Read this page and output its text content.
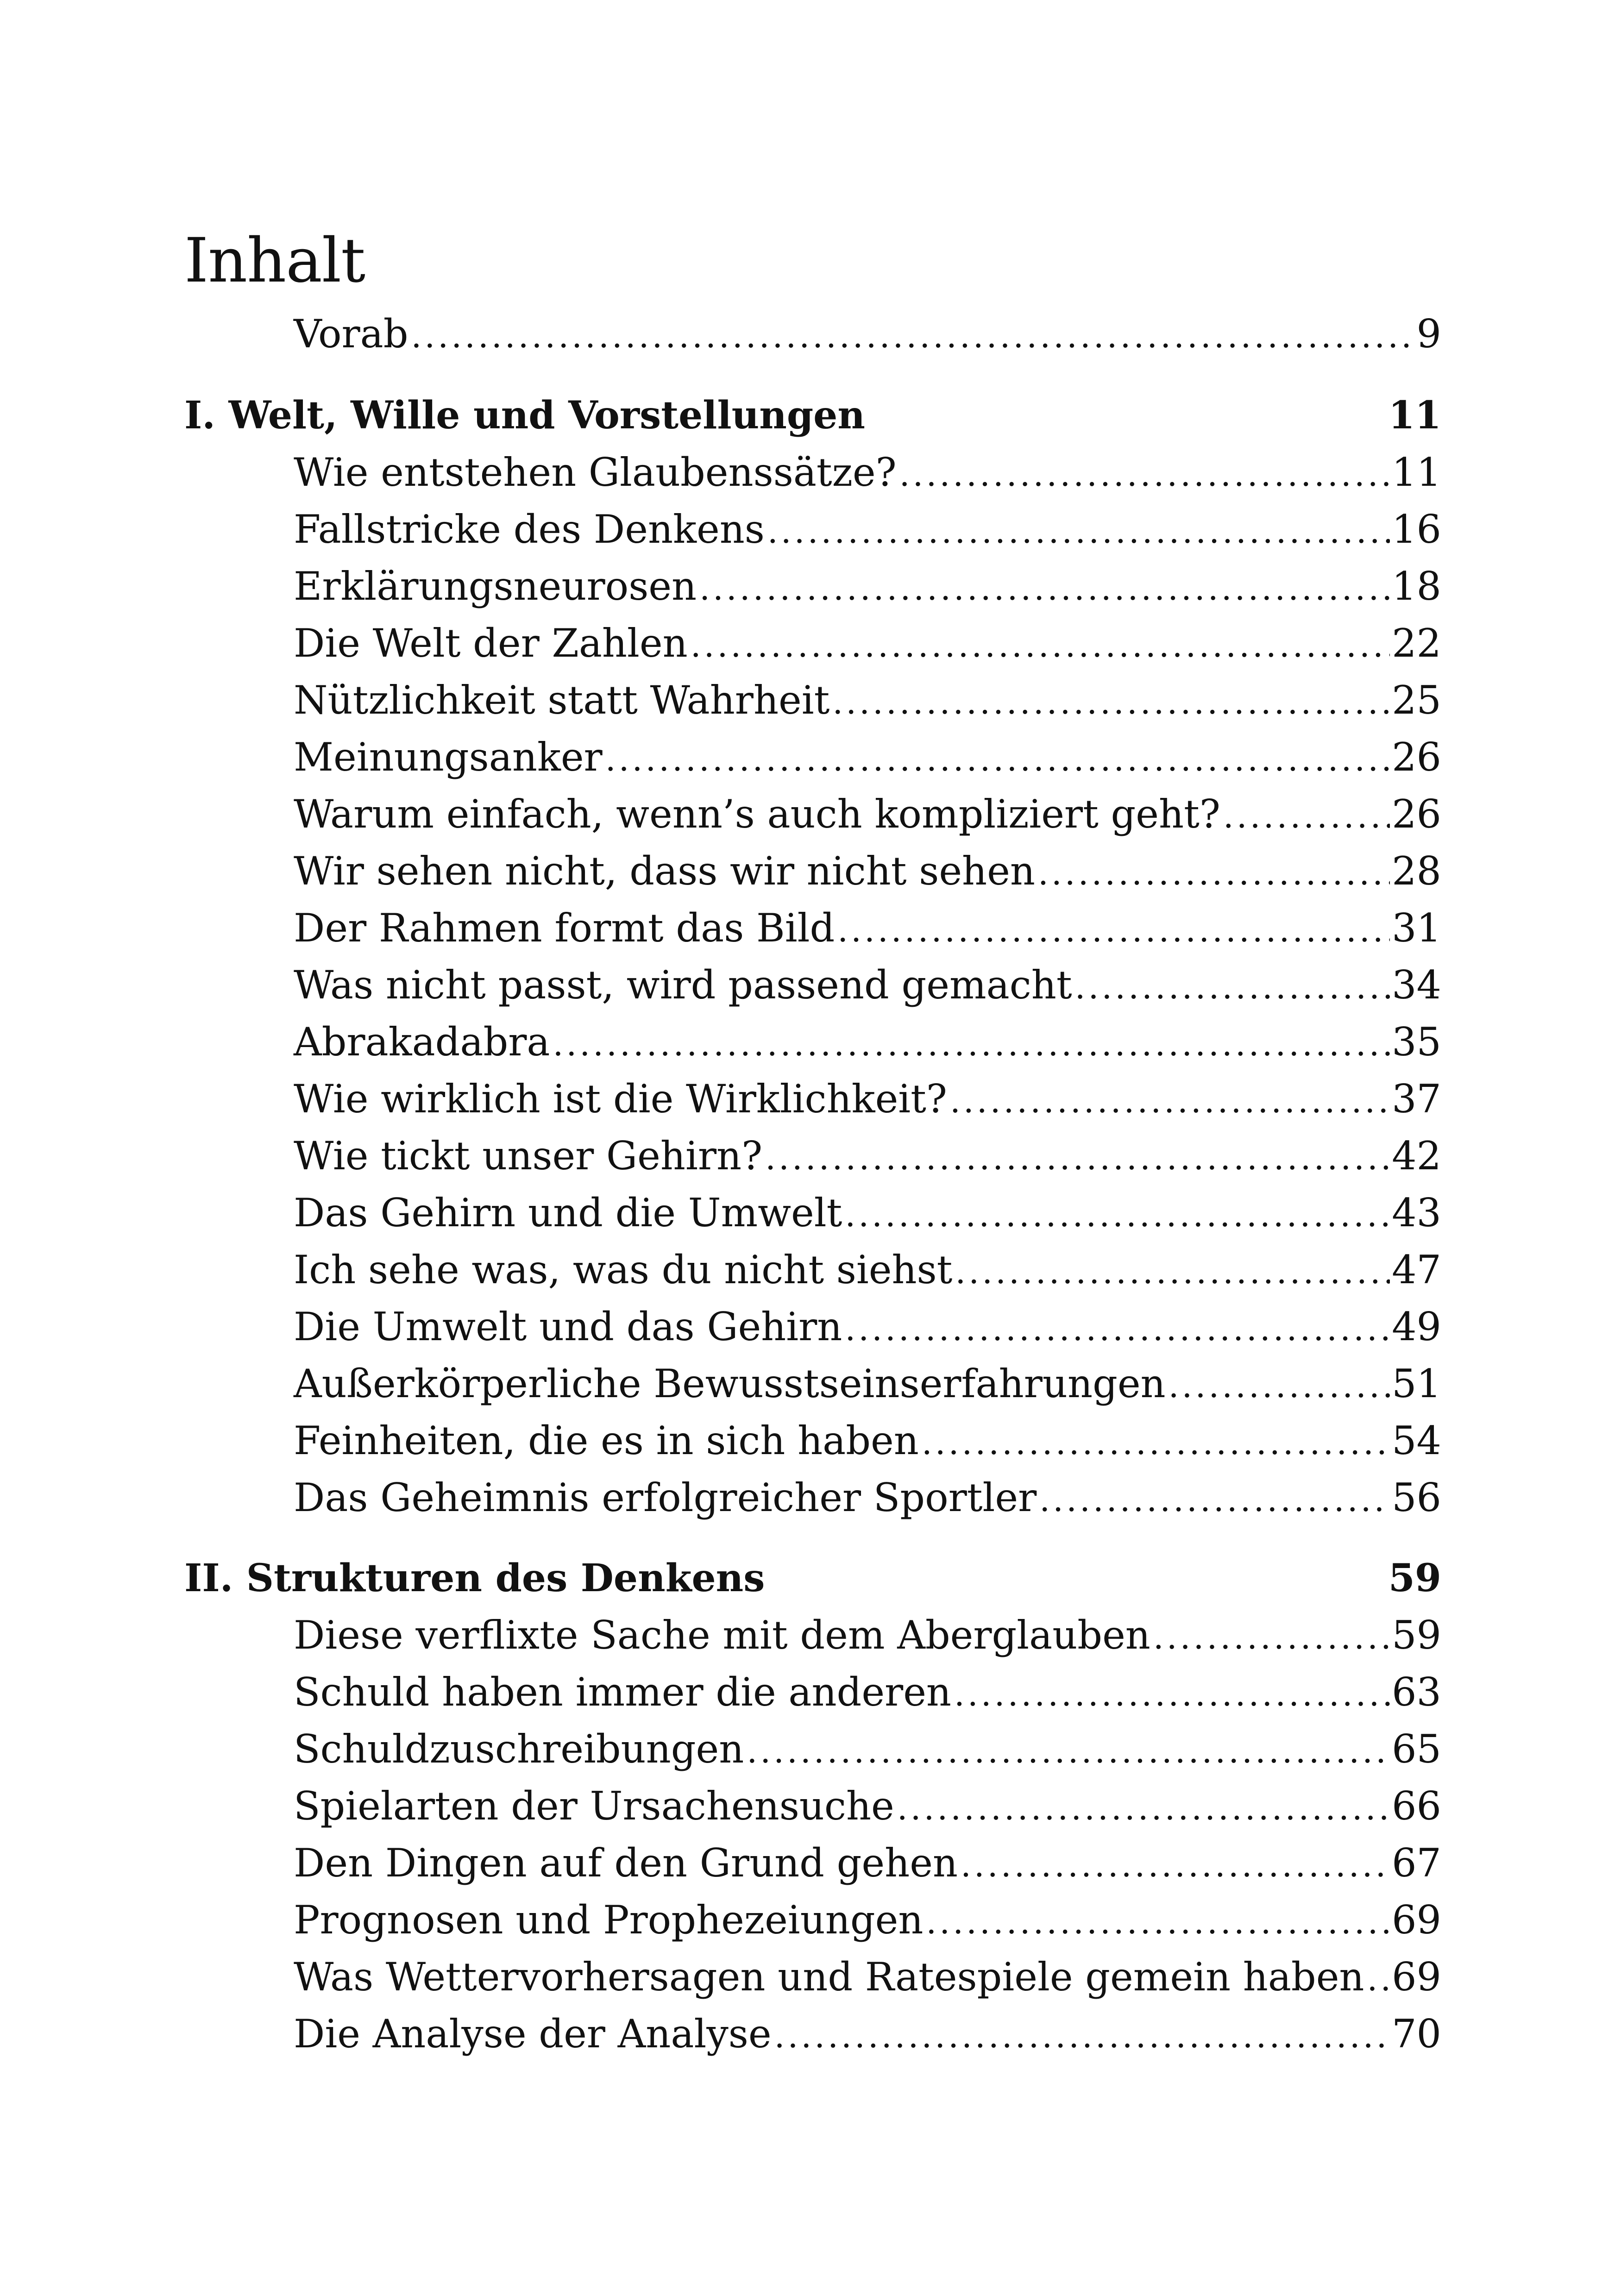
Inhalt
Vorab .....	9
I. Welt, Wille und Vorstellungen	11
Wie entstehen Glaubenssätze? .....	11
Fallstricke des Denkens .....	16
Erklärungsneurosen .....	18
Die Welt der Zahlen .....	22
Nützlichkeit statt Wahrheit .....	25
Meinungsanker .....	26
Warum einfach, wenn’s auch kompliziert geht? .....	26
Wir sehen nicht, dass wir nicht sehen .....	28
Der Rahmen formt das Bild .....	31
Was nicht passt, wird passend gemacht .....	34
Abrakadabra .....	35
Wie wirklich ist die Wirklichkeit? .....	37
Wie tickt unser Gehirn? .....	42
Das Gehirn und die Umwelt .....	43
Ich sehe was, was du nicht siehst .....	47
Die Umwelt und das Gehirn .....	49
Außerkörperliche Bewusstseinserfahrungen .....	51
Feinheiten, die es in sich haben .....	54
Das Geheimnis erfolgreicher Sportler .....	56
II. Strukturen des Denkens	59
Diese verflixte Sache mit dem Aberglauben .....	59
Schuld haben immer die anderen .....	63
Schuldzuschreibungen .....	65
Spielarten der Ursachensuche .....	66
Den Dingen auf den Grund gehen .....	67
Prognosen und Prophezeiungen .....	69
Was Wettervorhersagen und Ratespiele gemein haben ..... 69
Die Analyse der Analyse .....	70
